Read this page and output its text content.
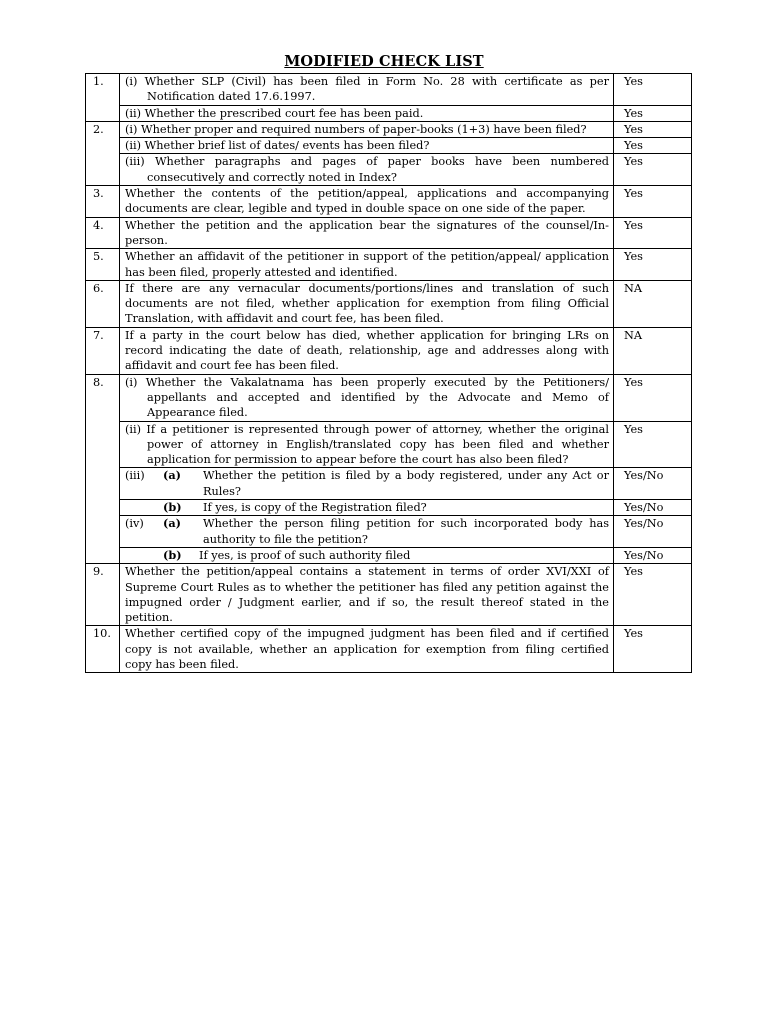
MODIFIED CHECK LIST
1.	(i) Whether SLP (Civil) has been filed in Form No. 28 with certificate as per Notification dated 17.6.1997.	Yes

	(ii) Whether the prescribed court fee has been paid.	Yes
2.	(i) Whether proper and required numbers of paper-books (1+3) have been filed?	Yes

	(ii) Whether brief list of dates/ events has been filed?	Yes

	(iii) Whether paragraphs and pages of paper books have been numbered consecutively and correctly noted in Index?	Yes
3.	Whether the contents of the petition/appeal, applications and accompanying documents are clear, legible and typed in double space on one side of the paper.	Yes
4.	Whether the petition and the application bear the signatures of the counsel/In-person.	Yes
5.	Whether an affidavit of the petitioner in support of the petition/appeal/ application has been filed, properly attested and identified.	Yes
6.	If there are any vernacular documents/portions/lines and translation of such documents are not filed, whether application for exemption from filing Official Translation, with affidavit and court fee, has been filed.	NA
7.	If a party in the court below has died, whether application for bringing LRs on record indicating the date of death, relationship, age and addresses along with affidavit and court fee has been filed.	NA
8.	(i) Whether the Vakalatnama has been properly executed by the Petitioners/ appellants and accepted and identified by the Advocate and Memo of Appearance filed.	Yes

	(ii) If a petitioner is represented through power of attorney, whether the original power of attorney in English/translated copy has been filed and whether application for permission to appear before the court has also been filed?	Yes

	(iii) (a) Whether the petition is filed by a body registered, under any Act or Rules?	Yes/No

	(b) If yes, is copy of the Registration filed?	Yes/No

	(iv) (a) Whether the person filing petition for such incorporated body has authority to file the petition?	Yes/No

	(b) If yes, is proof of such authority filed	Yes/No
9.	Whether the petition/appeal contains a statement in terms of order XVI/XXI of Supreme Court Rules as to whether the petitioner has filed any petition against the impugned order / Judgment earlier, and if so, the result thereof stated in the petition.	Yes
10.	Whether certified copy of the impugned judgment has been filed and if certified copy is not available, whether an application for exemption from filing certified copy has been filed.	Yes
